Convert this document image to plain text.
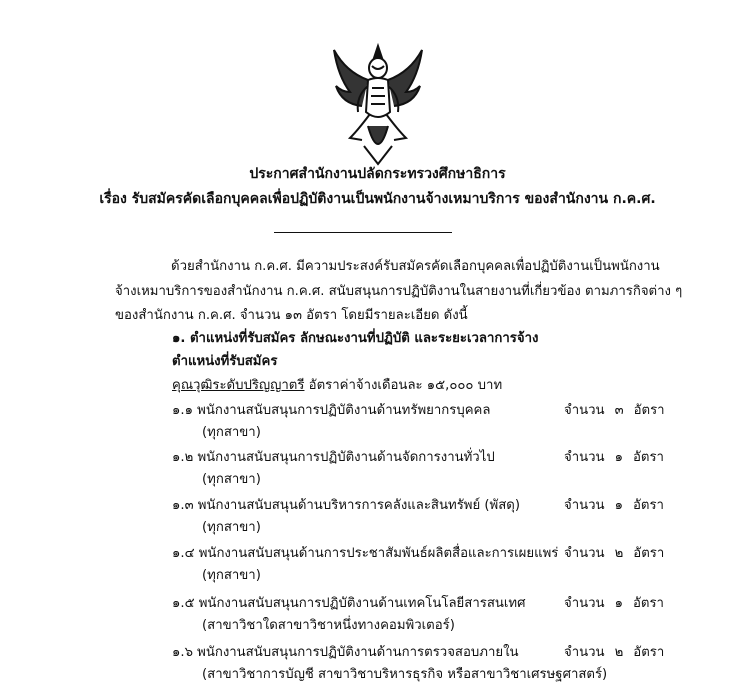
ประกาศสำนักงานปลัดกระทรวงศึกษาธิการ
เรื่อง รับสมัครคัดเลือกบุคคลเพื่อปฏิบัติงานเป็นพนักงานจ้างเหมาบริการ ของสำนักงาน ก.ค.ศ.
ด้วยสำนักงาน ก.ค.ศ. มีความประสงค์รับสมัครคัดเลือกบุคคลเพื่อปฏิบัติงานเป็นพนักงาน
จ้างเหมาบริการของสำนักงาน ก.ค.ศ. สนับสนุนการปฏิบัติงานในสายงานที่เกี่ยวข้อง ตามภารกิจต่าง ๆ
ของสำนักงาน ก.ค.ศ. จำนวน ๑๓ อัตรา โดยมีรายละเอียด ดังนี้
๑. ตำแหน่งที่รับสมัคร ลักษณะงานที่ปฏิบัติ และระยะเวลาการจ้าง
ตำแหน่งที่รับสมัคร
คุณวุฒิระดับปริญญาตรี อัตราค่าจ้างเดือนละ ๑๕,๐๐๐ บาท
๑.๑ พนักงานสนับสนุนการปฏิบัติงานด้านทรัพยากรบุคคล
(ทุกสาขา)
จำนวน ๓ อัตรา
๑.๒ พนักงานสนับสนุนการปฏิบัติงานด้านจัดการงานทั่วไป
(ทุกสาขา)
จำนวน ๑ อัตรา
๑.๓ พนักงานสนับสนุนด้านบริหารการคลังและสินทรัพย์ (พัสดุ)
(ทุกสาขา)
จำนวน ๑ อัตรา
๑.๔ พนักงานสนับสนุนด้านการประชาสัมพันธ์ผลิตสื่อและการเผยแพร่
(ทุกสาขา)
จำนวน ๒ อัตรา
๑.๕ พนักงานสนับสนุนการปฏิบัติงานด้านเทคโนโลยีสารสนเทศ
(สาขาวิชาใดสาขาวิชาหนึ่งทางคอมพิวเตอร์)
จำนวน ๑ อัตรา
๑.๖ พนักงานสนับสนุนการปฏิบัติงานด้านการตรวจสอบภายใน
(สาขาวิชาการบัญชี สาขาวิชาบริหารธุรกิจ หรือสาขาวิชาเศรษฐศาสตร์)
จำนวน ๒ อัตรา
